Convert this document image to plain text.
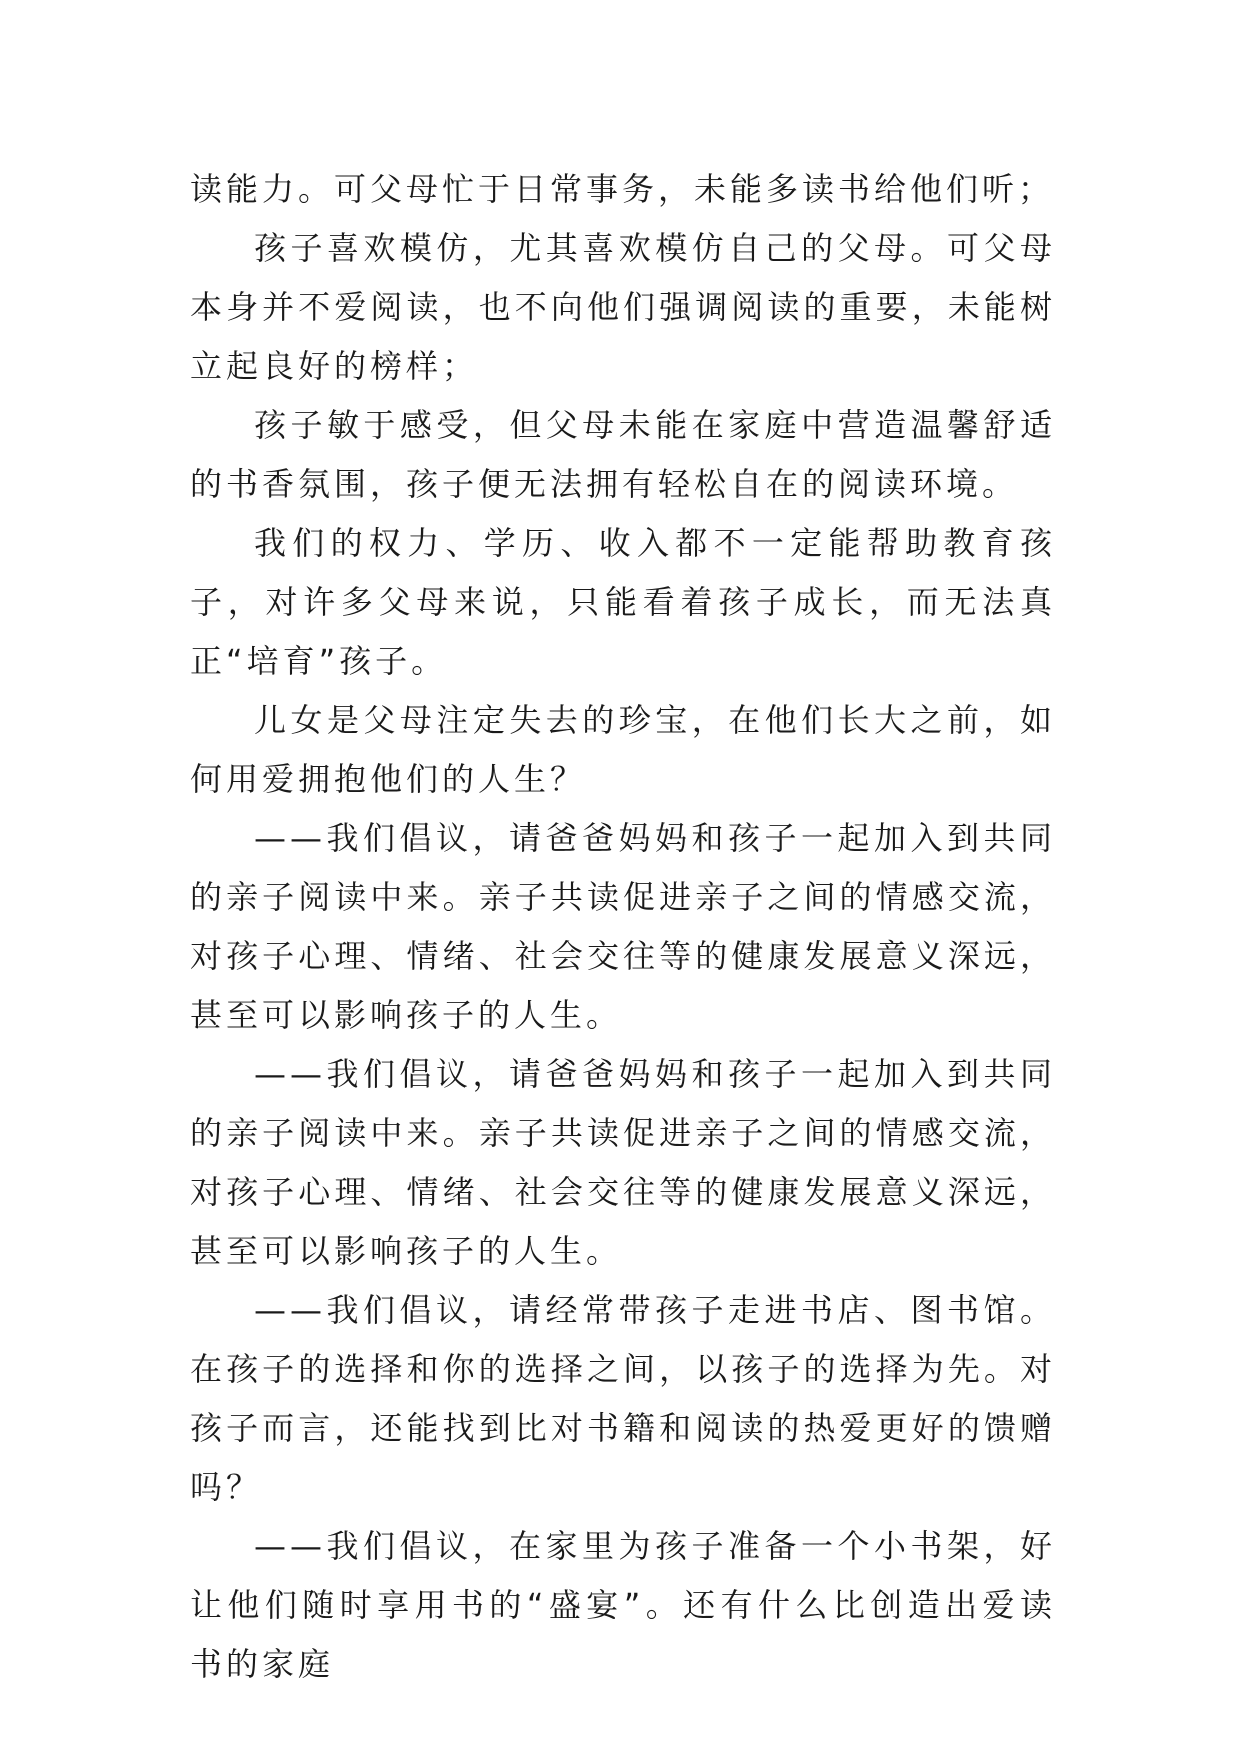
读能力。可父母忙于日常事务，未能多读书给他们听；

孩子喜欢模仿，尤其喜欢模仿自己的父母。可父母本身并不爱阅读，也不向他们强调阅读的重要，未能树立起良好的榜样；

孩子敏于感受，但父母未能在家庭中营造温馨舒适的书香氛围，孩子便无法拥有轻松自在的阅读环境。

我们的权力、学历、收入都不一定能帮助教育孩子，对许多父母来说，只能看着孩子成长，而无法真正“培育”孩子。

儿女是父母注定失去的珍宝，在他们长大之前，如何用爱拥抱他们的人生？

——我们倡议，请爸爸妈妈和孩子一起加入到共同的亲子阅读中来。亲子共读促进亲子之间的情感交流，对孩子心理、情绪、社会交往等的健康发展意义深远，甚至可以影响孩子的人生。

——我们倡议，请爸爸妈妈和孩子一起加入到共同的亲子阅读中来。亲子共读促进亲子之间的情感交流，对孩子心理、情绪、社会交往等的健康发展意义深远，甚至可以影响孩子的人生。

——我们倡议，请经常带孩子走进书店、图书馆。在孩子的选择和你的选择之间，以孩子的选择为先。对孩子而言，还能找到比对书籍和阅读的热爱更好的馈赠吗？

——我们倡议，在家里为孩子准备一个小书架，好让他们随时享用书的“盛宴”。还有什么比创造出爱读书的家庭
